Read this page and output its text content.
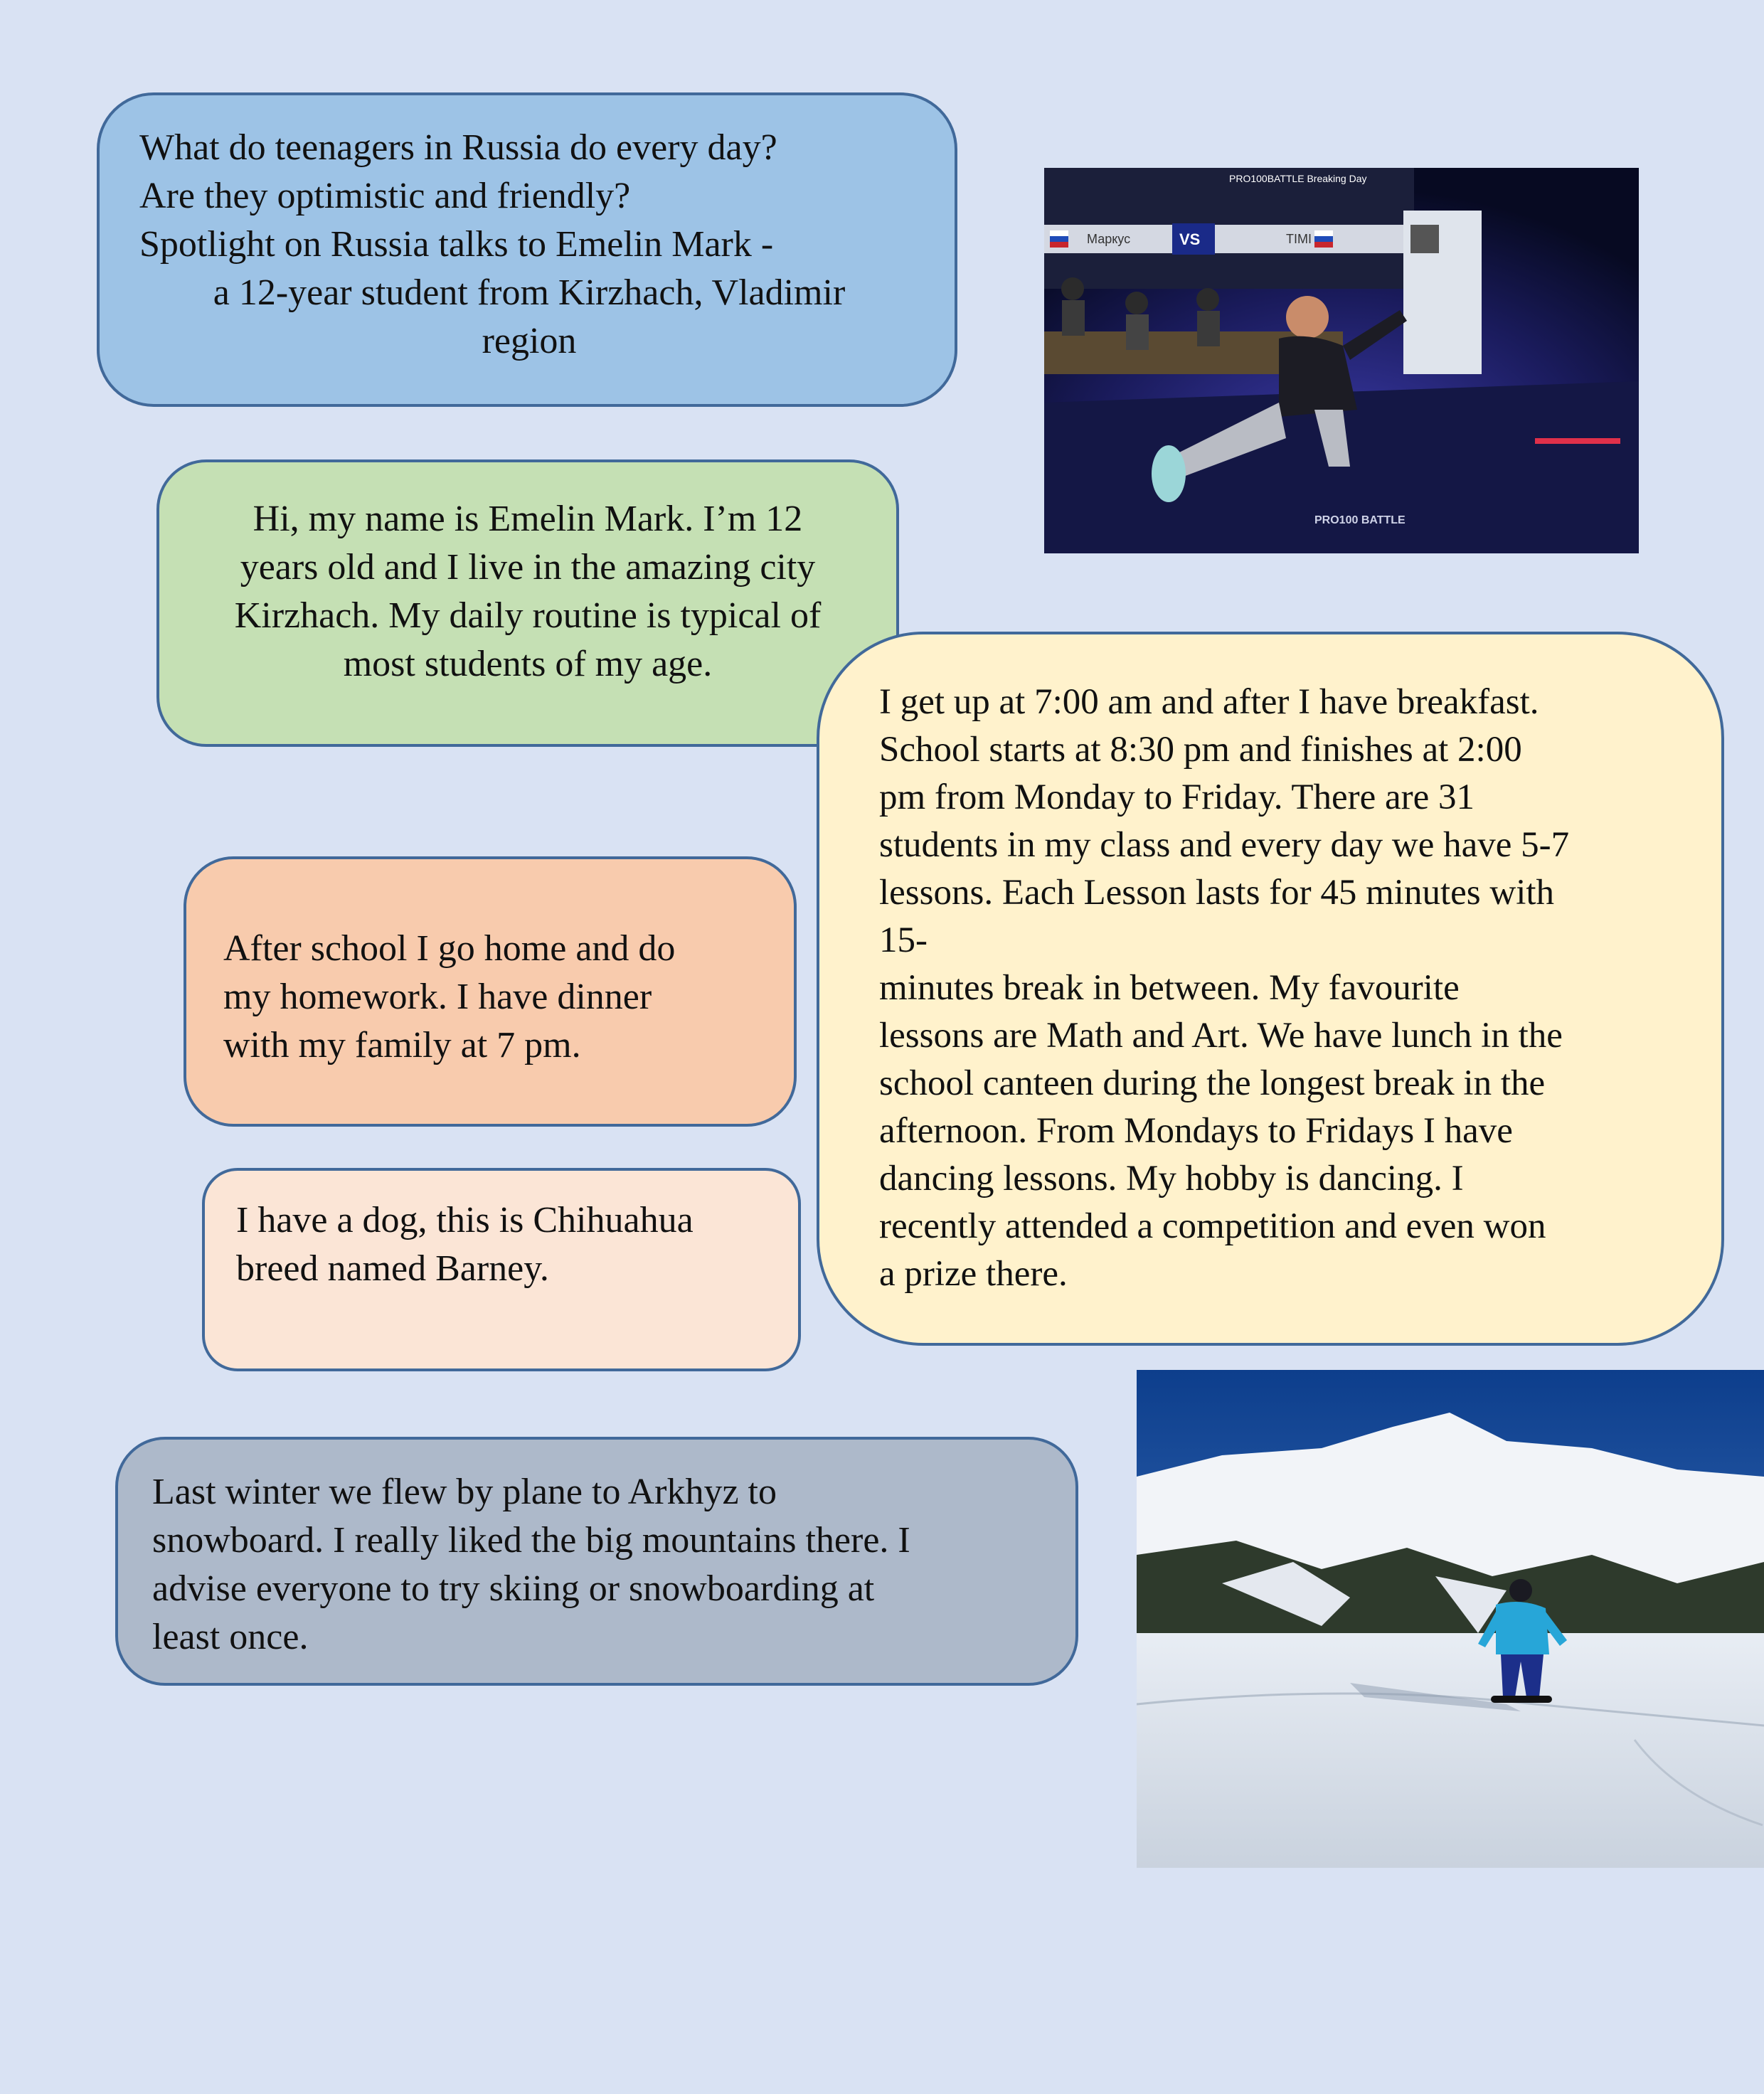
What do teenagers in Russia do every day?
Are they optimistic and friendly?
Spotlight on Russia talks to Emelin Mark -
a 12-year student from Kirzhach, Vladimir
region
PRO100BATTLE Breaking Day
Маркус	VS	TIMI
PRO100 BATTLE
Hi, my name is Emelin Mark. I’m 12
years old and I live in the amazing city
Kirzhach. My daily routine is typical of
most students of my age.
I get up at 7:00 am and after I have breakfast.
School starts at 8:30 pm and finishes at 2:00
pm from Monday to Friday. There are 31
students in my class and every day we have 5-7
lessons. Each Lesson lasts for 45 minutes with
15-
minutes break in between. My favourite
lessons are Math and Art. We have lunch in the
school canteen during the longest break in the
afternoon. From Mondays to Fridays I have
dancing lessons. My hobby is dancing. I
recently attended a competition and even won
a prize there.
After school I go home and do
my homework. I have dinner
with my family at 7 pm.
I have a dog, this is Chihuahua
breed named Barney.
Last winter we flew by plane to Arkhyz to
snowboard. I really liked the big mountains there. I
advise everyone to try skiing or snowboarding at
least once.
